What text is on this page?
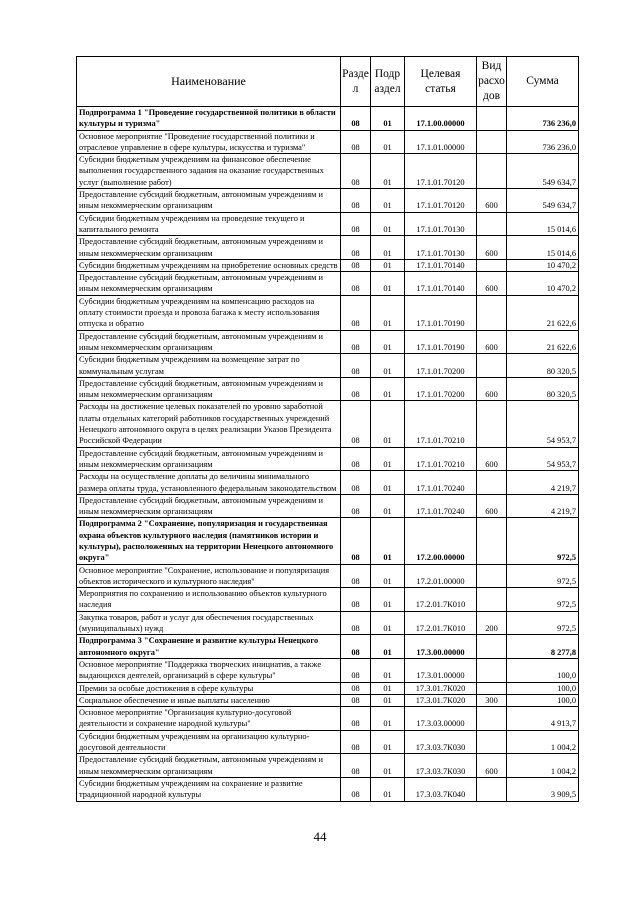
Наименование	Разде л	Подр аздел	Целевая статья	Вид расхо дов	Сумма
Подпрограмма 1 "Проведение государственной политики в области культуры и туризма"	08	01	17.1.00.00000		736 236,0
Основное мероприятие "Проведение государственной политики и отраслевое управление в сфере культуры, искусства и туризма"	08	01	17.1.01.00000		736 236,0
Субсидии бюджетным учреждениям на финансовое обеспечение выполнения государственного задания на оказание государственных услуг (выполнение работ)	08	01	17.1.01.70120		549 634,7
Предоставление субсидий бюджетным, автономным учреждениям и иным некоммерческим организациям	08	01	17.1.01.70120	600	549 634,7
Субсидии бюджетным учреждениям на проведение текущего и капитального ремонта	08	01	17.1.01.70130		15 014,6
Предоставление субсидий бюджетным, автономным учреждениям и иным некоммерческим организациям	08	01	17.1.01.70130	600	15 014,6
Субсидии бюджетным учреждениям на приобретение основных средств	08	01	17.1.01.70140		10 470,2
Предоставление субсидий бюджетным, автономным учреждениям и иным некоммерческим организациям	08	01	17.1.01.70140	600	10 470,2
Субсидии бюджетным учреждениям на компенсацию расходов на оплату стоимости проезда и провоза багажа к месту использования отпуска и обратно	08	01	17.1.01.70190		21 622,6
Предоставление субсидий бюджетным, автономным учреждениям и иным некоммерческим организациям	08	01	17.1.01.70190	600	21 622,6
Субсидии бюджетным учреждениям на возмещение затрат по коммунальным услугам	08	01	17.1.01.70200		80 320,5
Предоставление субсидий бюджетным, автономным учреждениям и иным некоммерческим организациям	08	01	17.1.01.70200	600	80 320,5
Расходы на достижение целевых показателей по уровню заработной платы отдельных категорий работников государственных учреждений Ненецкого автономного округа в целях реализации Указов Президента Российской Федерации	08	01	17.1.01.70210		54 953,7
Предоставление субсидий бюджетным, автономным учреждениям и иным некоммерческим организациям	08	01	17.1.01.70210	600	54 953,7
Расходы на осуществление доплаты до величины минимального размера оплаты труда, установленного федеральным законодательством	08	01	17.1.01.70240		4 219,7
Предоставление субсидий бюджетным, автономным учреждениям и иным некоммерческим организациям	08	01	17.1.01.70240	600	4 219,7
Подпрограмма 2 "Сохранение, популяризация и государственная охрана объектов культурного наследия (памятников истории и культуры), расположенных на территории Ненецкого автономного округа"	08	01	17.2.00.00000		972,5
Основное мероприятие "Сохранение, использование и популяризация объектов исторического и культурного наследия"	08	01	17.2.01.00000		972,5
Мероприятия по сохранению и использованию объектов культурного наследия	08	01	17.2.01.7К010		972,5
Закупка товаров, работ и услуг для обеспечения государственных (муниципальных) нужд	08	01	17.2.01.7К010	200	972,5
Подпрограмма 3 "Сохранение и развитие культуры Ненецкого автономного округа"	08	01	17.3.00.00000		8 277,8
Основное мероприятие "Поддержка творческих инициатив, а также выдающихся деятелей, организаций в сфере культуры"	08	01	17.3.01.00000		100,0
Премии за особые достижения в сфере культуры	08	01	17.3.01.7К020		100,0
Социальное обеспечение и иные выплаты населению	08	01	17.3.01.7К020	300	100,0
Основное мероприятие "Организация культурно-досуговой деятельности и сохранение народной культуры"	08	01	17.3.03.00000		4 913,7
Субсидии бюджетным учреждениям на организацию культурно-досуговой деятельности	08	01	17.3.03.7К030		1 004,2
Предоставление субсидий бюджетным, автономным учреждениям и иным некоммерческим организациям	08	01	17.3.03.7К030	600	1 004,2
Субсидии бюджетным учреждениям на сохранение и развитие традиционной народной культуры	08	01	17.3.03.7К040		3 909,5
44
